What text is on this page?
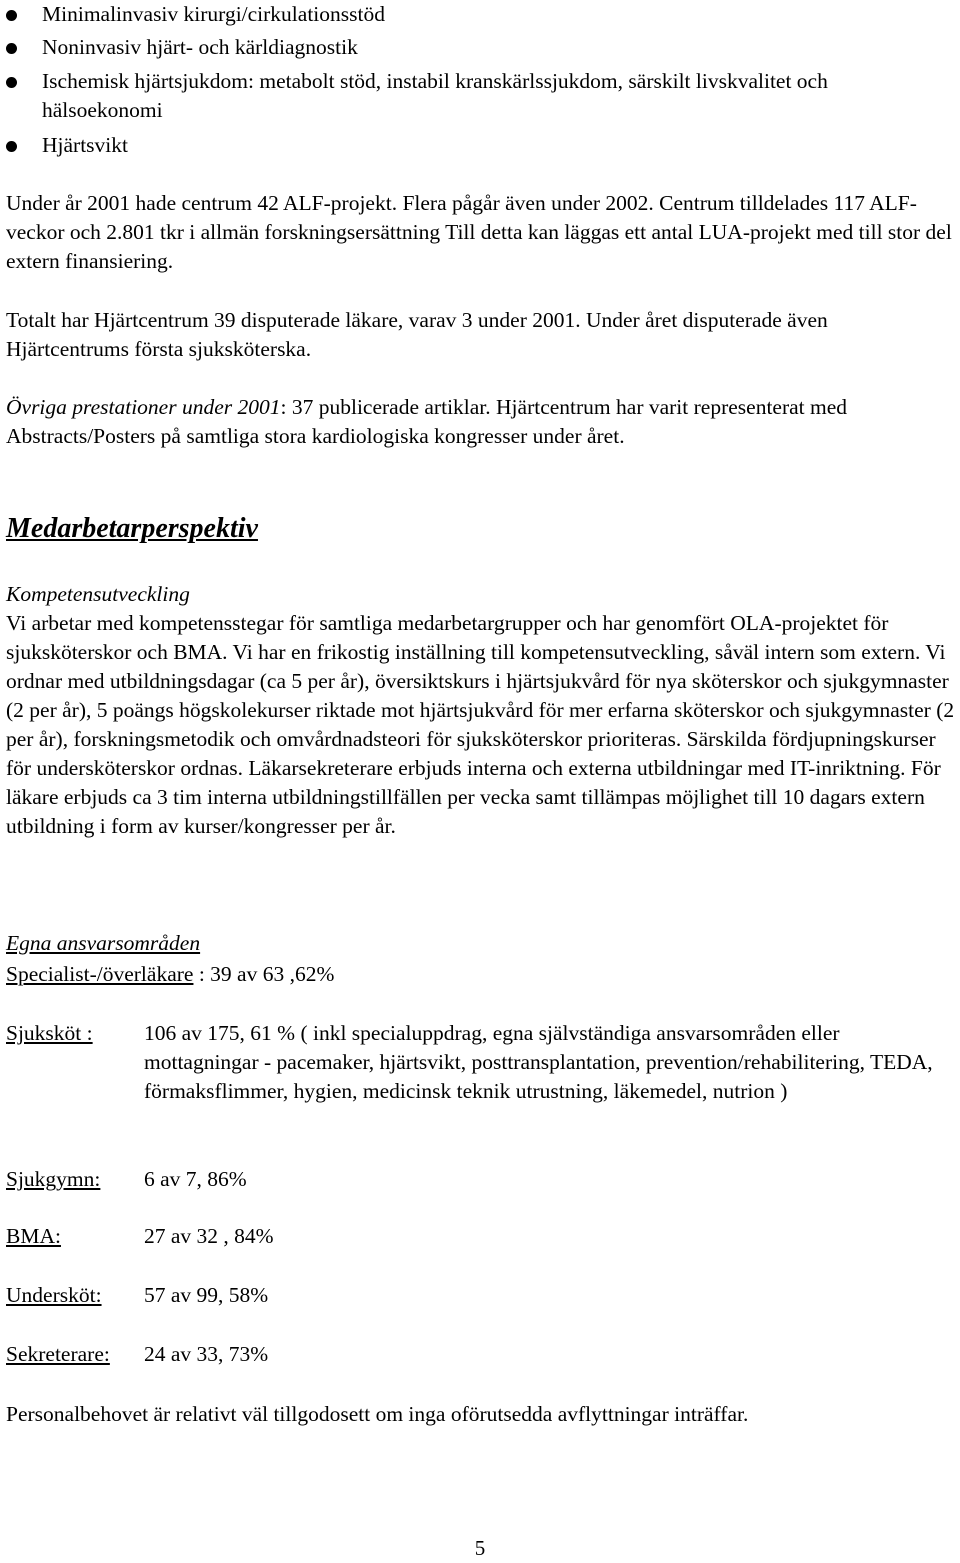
Minimalinvasiv kirurgi/cirkulationsstöd
Noninvasiv hjärt- och kärldiagnostik
Ischemisk hjärtsjukdom: metabolt stöd, instabil kranskärlssjukdom, särskilt livskvalitet och hälsoekonomi
Hjärtsvikt

Under år 2001 hade centrum 42 ALF-projekt. Flera pågår även under 2002. Centrum tilldelades 117 ALF-veckor och 2.801 tkr i allmän forskningsersättning Till detta kan läggas ett antal LUA-projekt med till stor del extern finansiering.

Totalt har Hjärtcentrum 39 disputerade läkare, varav 3 under 2001. Under året disputerade även Hjärtcentrums första sjuksköterska.

Övriga prestationer under 2001: 37 publicerade artiklar. Hjärtcentrum har varit representerat med Abstracts/Posters på samtliga stora kardiologiska kongresser under året.

Medarbetarperspektiv
Kompetensutveckling

Vi arbetar med kompetensstegar för samtliga medarbetargrupper och har genomfört OLA-projektet för sjuksköterskor och BMA. Vi har en frikostig inställning till kompetensutveckling, såväl intern som extern. Vi ordnar med utbildningsdagar (ca 5 per år), översiktskurs i hjärtsjukvård för nya sköterskor och sjukgymnaster (2 per år), 5 poängs högskolekurser riktade mot hjärtsjukvård för mer erfarna sköterskor och sjukgymnaster (2 per år), forskningsmetodik och omvårdnadsteori för sjuksköterskor prioriteras. Särskilda fördjupningskurser för undersköterskor ordnas. Läkarsekreterare erbjuds interna och externa utbildningar med IT-inriktning. För läkare erbjuds ca 3 tim interna utbildningstillfällen per vecka samt tillämpas möjlighet till 10 dagars extern utbildning i form av kurser/kongresser per år.

Egna ansvarsområden
Specialist-/överläkare : 39 av 63 ,62%
Sjuksköt : 106 av 175, 61 % ( inkl specialuppdrag, egna självständiga ansvarsområden eller mottagningar - pacemaker, hjärtsvikt, posttransplantation, prevention/rehabilitering, TEDA, förmaksflimmer, hygien, medicinsk teknik utrustning, läkemedel, nutrion )
Sjukgymn: 6 av 7, 86%
BMA:	27 av 32 , 84%
Undersköt: 57 av 99, 58%
Sekreterare: 24 av 33, 73%

Personalbehovet är relativt väl tillgodosett om inga oförutsedda avflyttningar inträffar.

5
